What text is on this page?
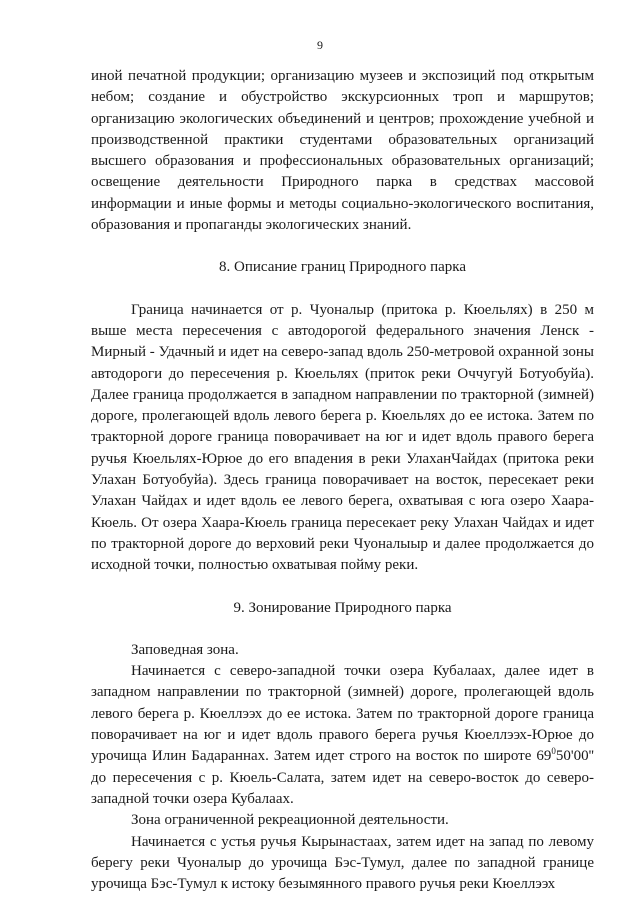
9

иной печатной продукции; организацию музеев и экспозиций под открытым небом; создание и обустройство экскурсионных троп и маршрутов; организацию экологических объединений и центров; прохождение учебной и производственной практики студентами образовательных организаций высшего образования и профессиональных образовательных организаций; освещение деятельности Природного парка в средствах массовой информации и иные формы и методы социально-экологического воспитания, образования и пропаганды экологических знаний.

8. Описание границ Природного парка

Граница начинается от р. Чуоналыр (притока р. Кюельлях) в 250 м выше места пересечения с автодорогой федерального значения Ленск - Мирный - Удачный и идет на северо-запад вдоль 250-метровой охранной зоны автодороги до пересечения р. Кюельлях (приток реки Оччугуй Ботуобуйа). Далее граница продолжается в западном направлении по тракторной (зимней) дороге, пролегающей вдоль левого берега р. Кюельлях до ее истока. Затем по тракторной дороге граница поворачивает на юг и идет вдоль правого берега ручья Кюельлях-Юрюе до его впадения в реки УлаханЧайдах (притока реки Улахан Ботуобуйа). Здесь граница поворачивает на восток, пересекает реки Улахан Чайдах и идет вдоль ее левого берега, охватывая с юга озеро Хаара-Кюель. От озера Хаара-Кюель граница пересекает реку Улахан Чайдах и идет по тракторной дороге до верховий реки Чуоналыыр и далее продолжается до исходной точки, полностью охватывая пойму реки.

9. Зонирование Природного парка

Заповедная зона.

Начинается с северо-западной точки озера Кубалаах, далее идет в западном направлении по тракторной (зимней) дороге, пролегающей вдоль левого берега р. Кюеллээх до ее истока. Затем по тракторной дороге граница поворачивает на юг и идет вдоль правого берега ручья Кюеллээх-Юрюе до урочища Илин Бадараннах. Затем идет строго на восток по широте $69^050'00''$ до пересечения с р. Кюель-Салата, затем идет на северо-восток до северо-западной точки озера Кубалаах.

Зона ограниченной рекреационной деятельности.

Начинается с устья ручья Кырынастаах, затем идет на запад по левому берегу реки Чуоналыр до урочища Бэс-Тумул, далее по западной границе урочища Бэс-Тумул к истоку безымянного правого ручья реки Кюеллээх
